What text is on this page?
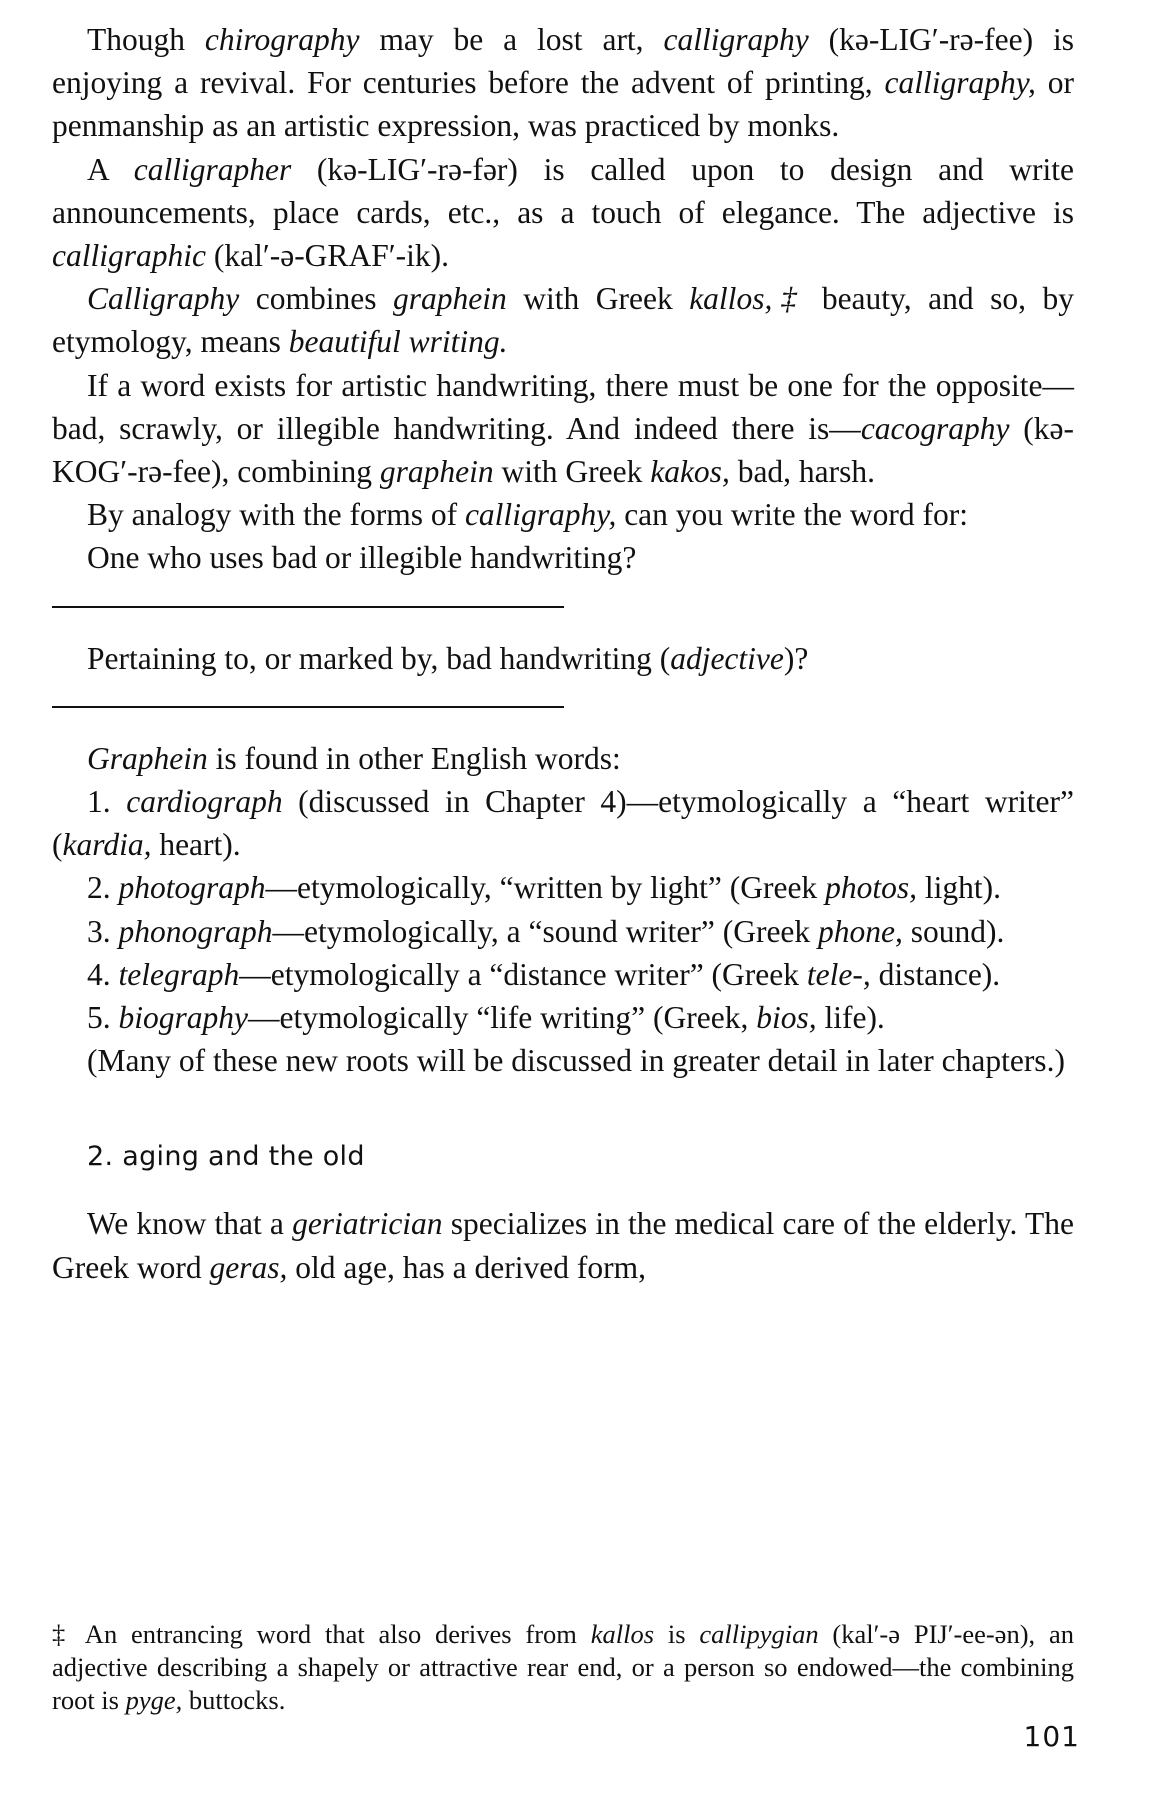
Though chirography may be a lost art, calligraphy (kə-LIG′-rə-fee) is enjoying a revival. For centuries before the advent of printing, calligraphy, or penmanship as an artistic expression, was practiced by monks.

A calligrapher (kə-LIG′-rə-fər) is called upon to design and write announcements, place cards, etc., as a touch of elegance. The adjective is calligraphic (kal′-ə-GRAF′-ik).

Calligraphy combines graphein with Greek kallos,‡ beauty, and so, by etymology, means beautiful writing.

If a word exists for artistic handwriting, there must be one for the opposite—bad, scrawly, or illegible handwriting. And indeed there is—cacography (kə-KOG′-rə-fee), combining graphein with Greek kakos, bad, harsh.

By analogy with the forms of calligraphy, can you write the word for:

One who uses bad or illegible handwriting?

Pertaining to, or marked by, bad handwriting (adjective)?

Graphein is found in other English words:

1. cardiograph (discussed in Chapter 4)—etymologically a “heart writer” (kardia, heart).

2. photograph—etymologically, “written by light” (Greek photos, light).

3. phonograph—etymologically, a “sound writer” (Greek phone, sound).

4. telegraph—etymologically a “distance writer” (Greek tele-, distance).

5. biography—etymologically “life writing” (Greek, bios, life).

(Many of these new roots will be discussed in greater detail in later chapters.)

2. aging and the old

We know that a geriatrician specializes in the medical care of the elderly. The Greek word geras, old age, has a derived form,

‡ An entrancing word that also derives from kallos is callipygian (kal′-ə PIJ′-ee-ən), an adjective describing a shapely or attractive rear end, or a person so endowed—the combining root is pyge, buttocks.

101
